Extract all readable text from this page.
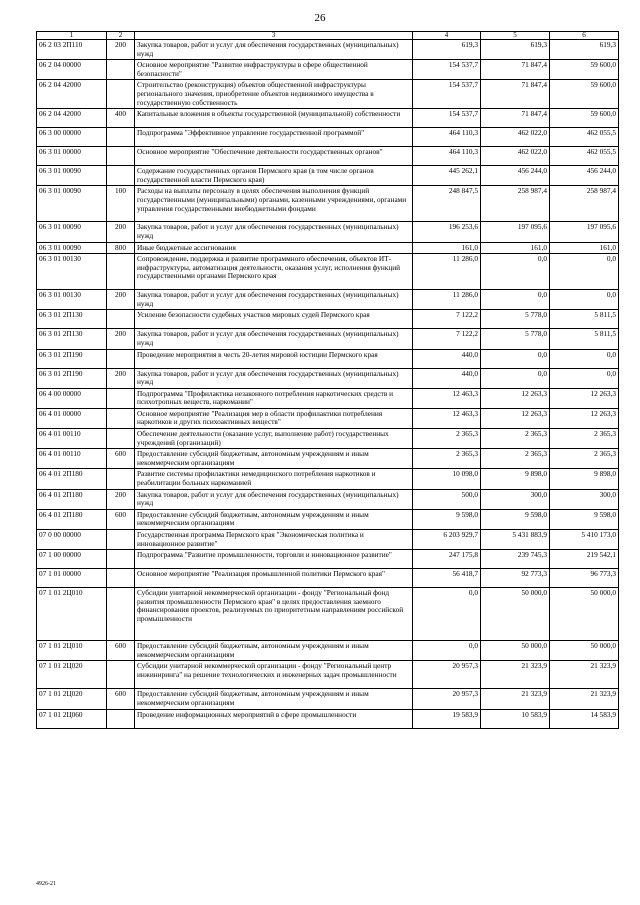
26
1	2	3	4	5	6
06 2 03 2П110	200	Закупка товаров, работ и услуг для обеспечения государственных (муниципальных) нужд	619,3	619,3	619,3
06 2 04 00000		Основное мероприятие "Развитие инфраструктуры в сфере общественной безопасности"	154 537,7	71 847,4	59 600,0
06 2 04 42000		Строительство (реконструкция) объектов общественной инфраструктуры регионального значения, приобретение объектов недвижимого имущества в государственную собственность	154 537,7	71 847,4	59 600,0
06 2 04 42000	400	Капитальные вложения в объекты государственной (муниципальной) собственности	154 537,7	71 847,4	59 600,0
06 3 00 00000		Подпрограмма "Эффективное управление государственной программой"	464 110,3	462 022,0	462 055,5
06 3 01 00000		Основное мероприятие "Обеспечение деятельности государственных органов"	464 110,3	462 022,0	462 055,5
06 3 01 00090		Содержание государственных органов Пермского края (в том числе органов государственной власти Пермского края)	445 262,1	456 244,0	456 244,0
06 3 01 00090	100	Расходы на выплаты персоналу в целях обеспечения выполнения функций государственными (муниципальными) органами, казенными учреждениями, органами управления государственными внебюджетными фондами	248 847,5	258 987,4	258 987,4
06 3 01 00090	200	Закупка товаров, работ и услуг для обеспечения государственных (муниципальных) нужд	196 253,6	197 095,6	197 095,6
06 3 01 00090	800	Иные бюджетные ассигнования	161,0	161,0	161,0
06 3 01 00130		Сопровождение, поддержка и развитие программного обеспечения, объектов ИТ-инфраструктуры, автоматизация деятельности, оказания услуг, исполнения функций государственными органами Пермского края	11 286,0	0,0	0,0
06 3 01 00130	200	Закупка товаров, работ и услуг для обеспечения государственных (муниципальных) нужд	11 286,0	0,0	0,0
06 3 01 2П130		Усиление безопасности судебных участков мировых судей Пермского края	7 122,2	5 778,0	5 811,5
06 3 01 2П130	200	Закупка товаров, работ и услуг для обеспечения государственных (муниципальных) нужд	7 122,2	5 778,0	5 811,5
06 3 01 2П190		Проведение мероприятия в честь 20-летия мировой юстиции Пермского края	440,0	0,0	0,0
06 3 01 2П190	200	Закупка товаров, работ и услуг для обеспечения государственных (муниципальных) нужд	440,0	0,0	0,0
06 4 00 00000		Подпрограмма "Профилактика незаконного потребления наркотических средств и психотропных веществ, наркомании"	12 463,3	12 263,3	12 263,3
06 4 01 00000		Основное мероприятие "Реализация мер в области профилактики потребления наркотиков и других психоактивных веществ"	12 463,3	12 263,3	12 263,3
06 4 01 00110		Обеспечение деятельности (оказание услуг, выполнение работ) государственных учреждений (организаций)	2 365,3	2 365,3	2 365,3
06 4 01 00110	600	Предоставление субсидий бюджетным, автономным учреждениям и иным некоммерческим организациям	2 365,3	2 365,3	2 365,3
06 4 01 2П180		Развитие системы профилактики немедицинского потребления наркотиков и реабилитации больных наркоманией	10 098,0	9 898,0	9 898,0
06 4 01 2П180	200	Закупка товаров, работ и услуг для обеспечения государственных (муниципальных) нужд	500,0	300,0	300,0
06 4 01 2П180	600	Предоставление субсидий бюджетным, автономным учреждениям и иным некоммерческим организациям	9 598,0	9 598,0	9 598,0
07 0 00 00000		Государственная программа Пермского края "Экономическая политика и инновационное развитие"	6 203 929,7	5 431 883,9	5 410 173,0
07 1 00 00000		Подпрограмма "Развитие промышленности, торговли и инновационное развитие"	247 175,8	239 745,3	219 542,1
07 1 01 00000		Основное мероприятие "Реализация промышленной политики Пермского края"	56 418,7	92 773,3	96 773,3
07 1 01 2Ц010		Субсидии унитарной некоммерческой организации - фонду "Региональный фонд развития промышленности Пермского края" в целях предоставления заемного финансирования проектов, реализуемых по приоритетным направлениям российской промышленности	0,0	50 000,0	50 000,0
07 1 01 2Ц010	600	Предоставление субсидий бюджетным, автономным учреждениям и иным некоммерческим организациям	0,0	50 000,0	50 000,0
07 1 01 2Ц020		Субсидии унитарной некоммерческой организации - фонду "Региональный центр инжиниринга" на решение технологических и инженерных задач промышленности	20 957,3	21 323,9	21 323,9
07 1 01 2Ц020	600	Предоставление субсидий бюджетным, автономным учреждениям и иным некоммерческим организациям	20 957,3	21 323,9	21 323,9
07 1 01 2Ц060		Проведение информационных мероприятий в сфере промышленности	19 583,9	10 583,9	14 583,9
4926-21
